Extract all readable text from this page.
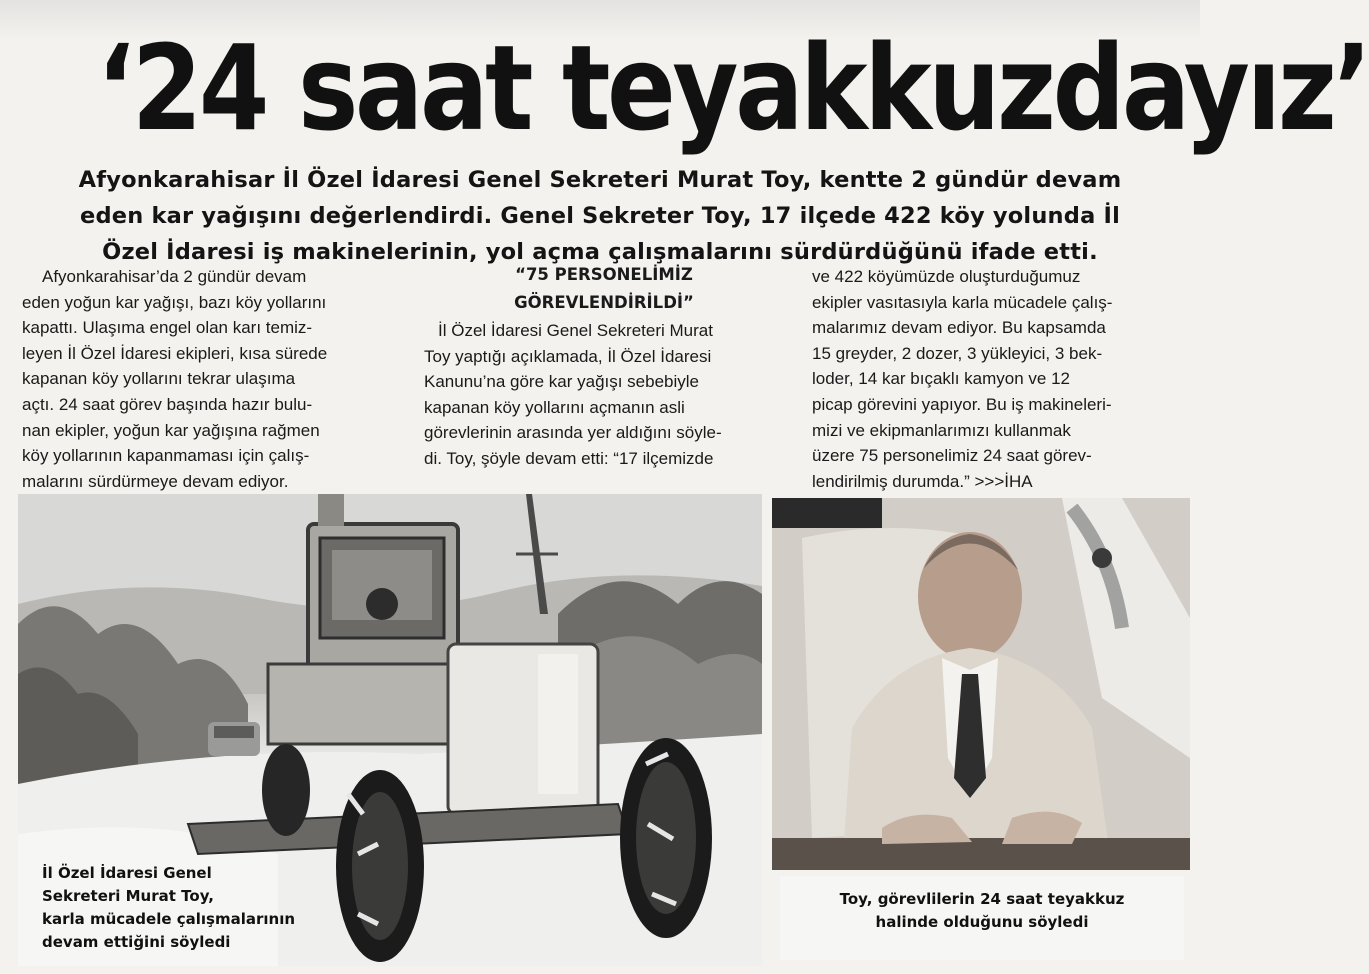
‘24 saat teyakkuzdayız’

Afyonkarahisar İl Özel İdaresi Genel Sekreteri Murat Toy, kentte 2 gündür devam
eden kar yağışını değerlendirdi. Genel Sekreter Toy, 17 ilçede 422 köy yolunda İl
Özel İdaresi iş makinelerinin, yol açma çalışmalarını sürdürdüğünü ifade etti.

Afyonkarahisar’da 2 gündür devam
eden yoğun kar yağışı, bazı köy yollarını
kapattı. Ulaşıma engel olan karı temiz-
leyen İl Özel İdaresi ekipleri, kısa sürede
kapanan köy yollarını tekrar ulaşıma
açtı. 24 saat görev başında hazır bulu-
nan ekipler, yoğun kar yağışına rağmen
köy yollarının kapanmaması için çalış-
malarını sürdürmeye devam ediyor.
“75 PERSONELİMİZ
GÖREVLENDİRİLDİ”
İl Özel İdaresi Genel Sekreteri Murat
Toy yaptığı açıklamada, İl Özel İdaresi
Kanunu’na göre kar yağışı sebebiyle
kapanan köy yollarını açmanın asli
görevlerinin arasında yer aldığını söyle-
di. Toy, şöyle devam etti: “17 ilçemizde
ve 422 köyümüzde oluşturduğumuz
ekipler vasıtasıyla karla mücadele çalış-
malarımız devam ediyor. Bu kapsamda
15 greyder, 2 dozer, 3 yükleyici, 3 bek-
loder, 14 kar bıçaklı kamyon ve 12
picap görevini yapıyor. Bu iş makineleri-
mizi ve ekipmanlarımızı kullanmak
üzere 75 personelimiz 24 saat görev-
lendirilmiş durumda.” >>>İHA
İl Özel İdaresi Genel
Sekreteri Murat Toy,
karla mücadele çalışmalarının
devam ettiğini söyledi
Toy, görevlilerin 24 saat teyakkuz
halinde olduğunu söyledi
